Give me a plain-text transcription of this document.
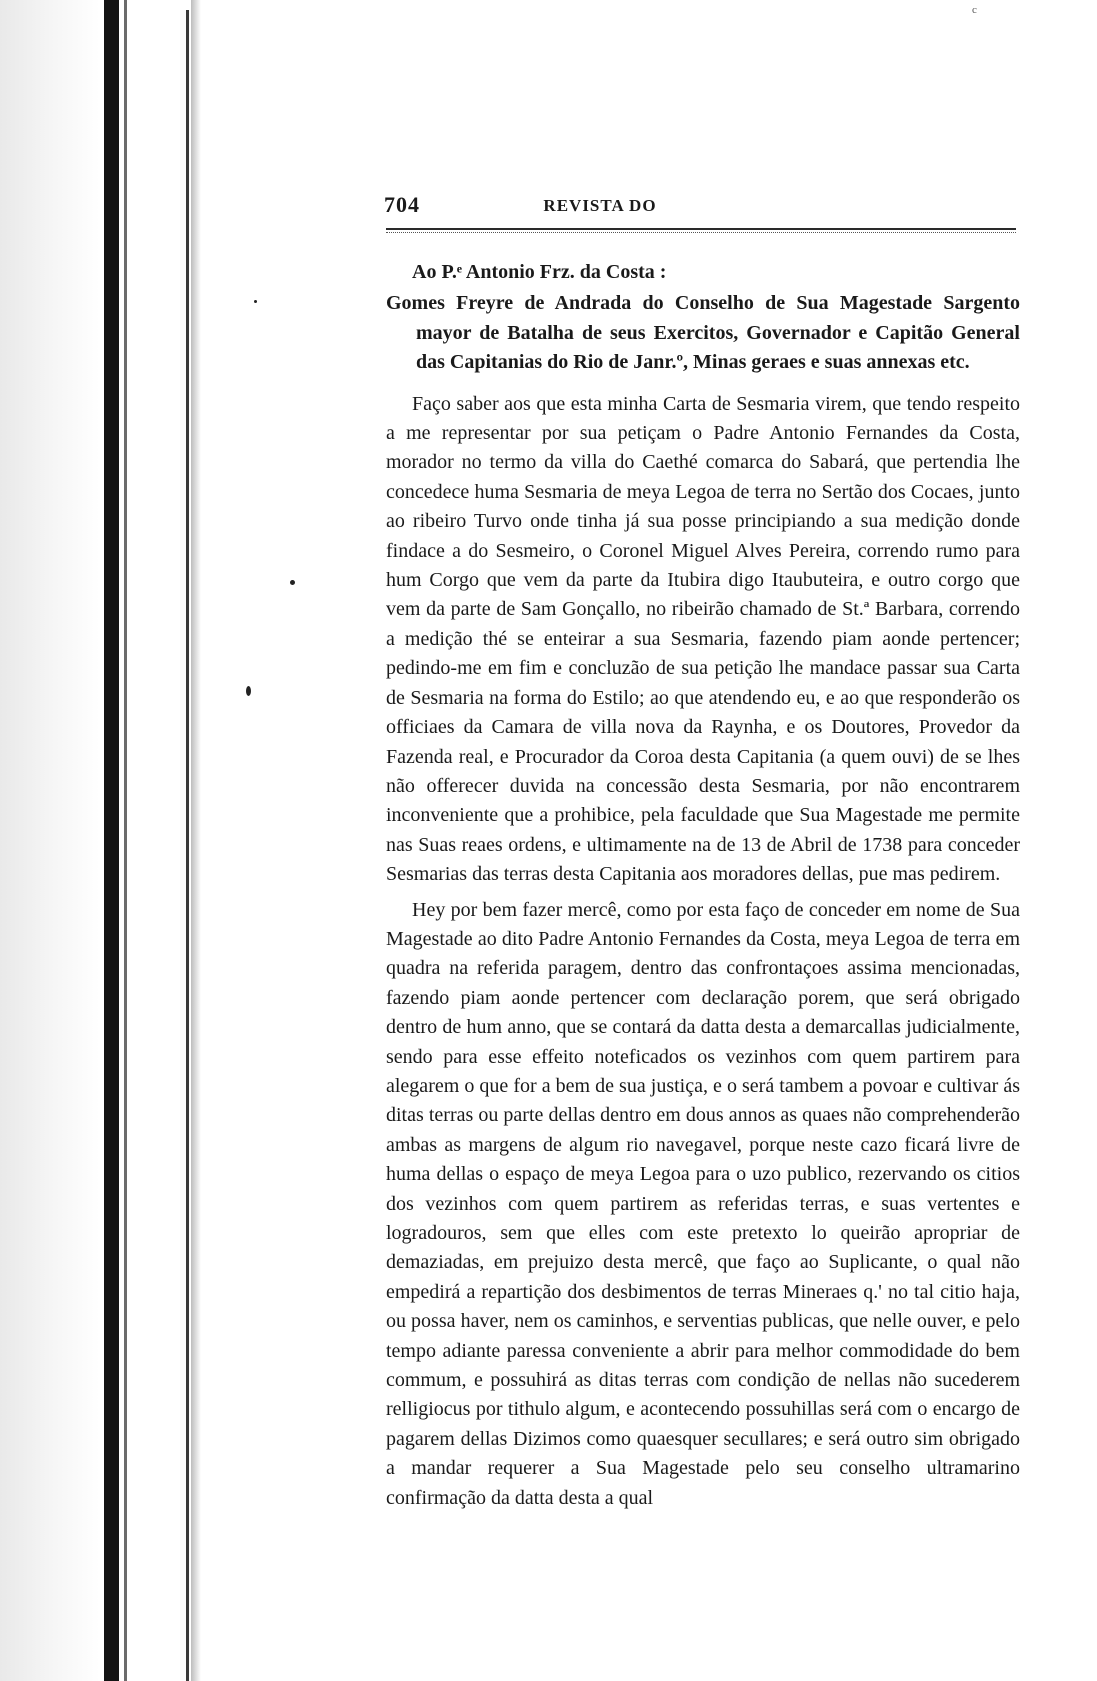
c
704	REVISTA DO

Ao P.ᵉ Antonio Frz. da Costa :

Gomes Freyre de Andrada do Conselho de Sua Magestade Sargento mayor de Batalha de seus Exercitos, Governador e Capitão General das Capitanias do Rio de Janr.º, Minas geraes e suas annexas etc.

Faço saber aos que esta minha Carta de Sesmaria virem, que tendo respeito a me representar por sua petiçam o Padre Antonio Fernandes da Costa, morador no termo da villa do Caethé comarca do Sabará, que pertendia lhe concedece huma Sesmaria de meya Legoa de terra no Sertão dos Cocaes, junto ao ribeiro Turvo onde tinha já sua posse principiando a sua medição donde findace a do Sesmeiro, o Coronel Miguel Alves Pereira, correndo rumo para hum Corgo que vem da parte da Itubira digo Itaubuteira, e outro corgo que vem da parte de Sam Gonçallo, no ribeirão chamado de St.ª Barbara, correndo a medição thé se enteirar a sua Sesmaria, fazendo piam aonde pertencer; pedindo-me em fim e concluzão de sua petição lhe mandace passar sua Carta de Sesmaria na forma do Estilo; ao que atendendo eu, e ao que responderão os officiaes da Camara de villa nova da Raynha, e os Doutores, Provedor da Fazenda real, e Procurador da Coroa desta Capitania (a quem ouvi) de se lhes não offerecer duvida na concessão desta Sesmaria, por não encontrarem inconveniente que a prohibice, pela faculdade que Sua Magestade me permite nas Suas reaes ordens, e ultimamente na de 13 de Abril de 1738 para conceder Sesmarias das terras desta Capitania aos moradores dellas, pue mas pedirem.

Hey por bem fazer mercê, como por esta faço de conceder em nome de Sua Magestade ao dito Padre Antonio Fernandes da Costa, meya Legoa de terra em quadra na referida paragem, dentro das confrontaçoes assima mencionadas, fazendo piam aonde pertencer com declaração porem, que será obrigado dentro de hum anno, que se contará da datta desta a demarcallas judicialmente, sendo para esse effeito noteficados os vezinhos com quem partirem para alegarem o que for a bem de sua justiça, e o será tambem a povoar e cultivar ás ditas terras ou parte dellas dentro em dous annos as quaes não comprehenderão ambas as margens de algum rio navegavel, porque neste cazo ficará livre de huma dellas o espaço de meya Legoa para o uzo publico, rezervando os citios dos vezinhos com quem partirem as referidas terras, e suas vertentes e logradouros, sem que elles com este pretexto lo queirão apropriar de demaziadas, em prejuizo desta mercê, que faço ao Suplicante, o qual não empedirá a repartição dos desbimentos de terras Mineraes q.' no tal citio haja, ou possa haver, nem os caminhos, e serventias publicas, que nelle ouver, e pelo tempo adiante paressa conveniente a abrir para melhor commodidade do bem commum, e possuhirá as ditas terras com condição de nellas não sucederem relligiocus por tithulo algum, e acontecendo possuhillas será com o encargo de pagarem dellas Dizimos como quaesquer secullares; e será outro sim obrigado a mandar requerer a Sua Magestade pelo seu conselho ultramarino confirmação da datta desta a qual
